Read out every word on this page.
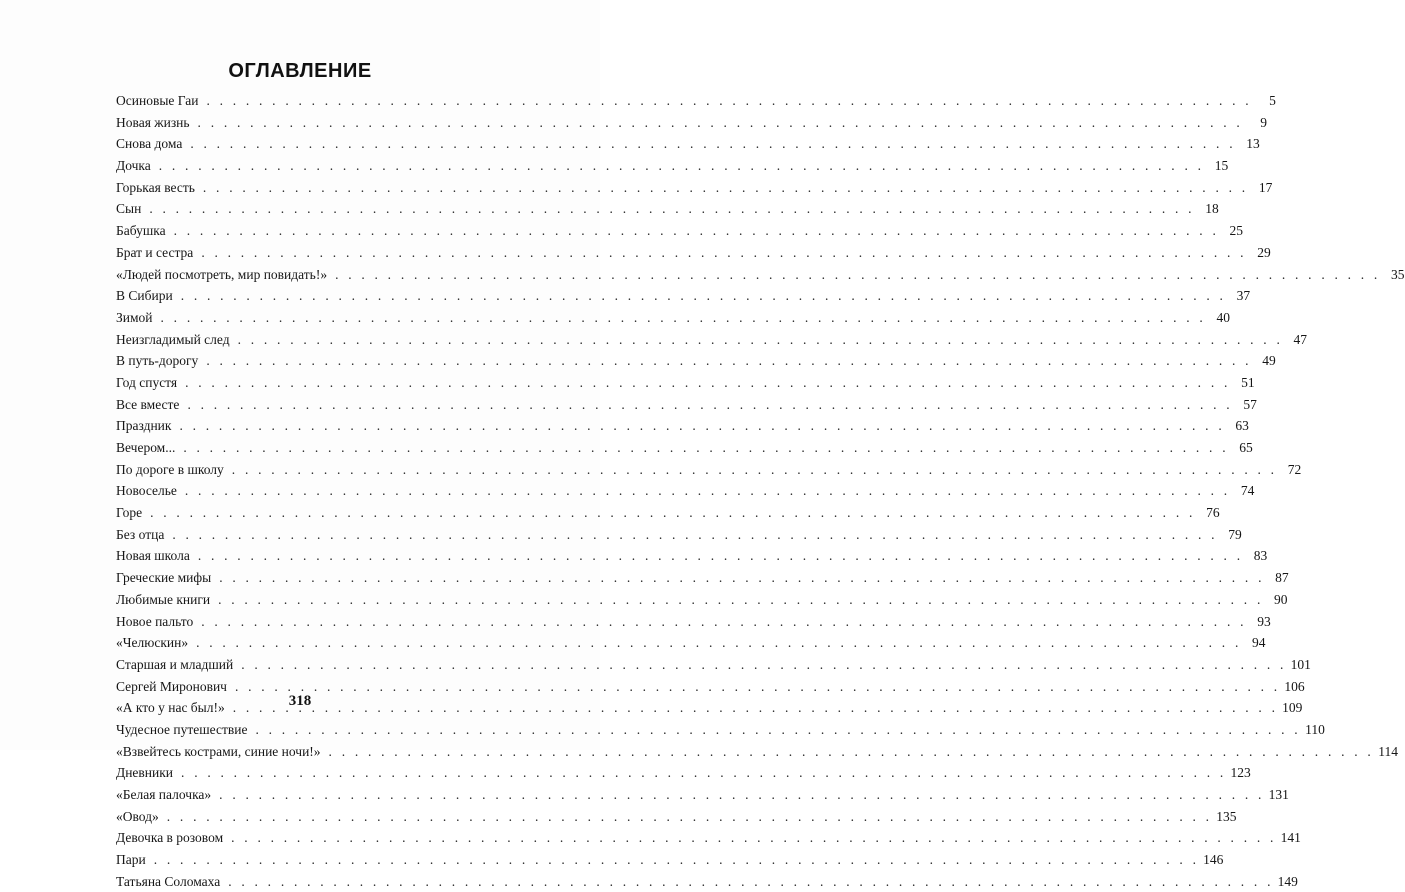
ОГЛАВЛЕНИЕ
Осиновые Гаи . . .	5
Новая жизнь . . .	9
Снова дома . . .	13
Дочка . . .	15
Горькая весть . . .	17
Сын . . .	18
Бабушка . . .	25
Брат и сестра . . .	29
«Людей посмотреть, мир повидать!» . . .	35
В Сибири . . .	37
Зимой . . .	40
Неизгладимый след . . .	47
В путь-дорогу . . .	49
Год спустя . . .	51
Все вместе . . .	57
Праздник . . .	63
Вечером... . . .	65
По дороге в школу . . .	72
Новоселье . . .	74
Горе . . .	76
Без отца . . .	79
Новая школа . . .	83
Греческие мифы . . .	87
Любимые книги . . .	90
Новое пальто . . .	93
«Челюскин» . . .	94
Старшая и младший . . .	101
Сергей Миронович . . .	106
«А кто у нас был!» . . .	109
Чудесное путешествие . . .	110
«Взвейтесь кострами, синие ночи!» . . .	114
Дневники . . .	123
«Белая палочка» . . .	131
«Овод» . . .	135
Девочка в розовом . . .	141
Пари . . .	146
Татьяна Соломаха . . .	149
318
